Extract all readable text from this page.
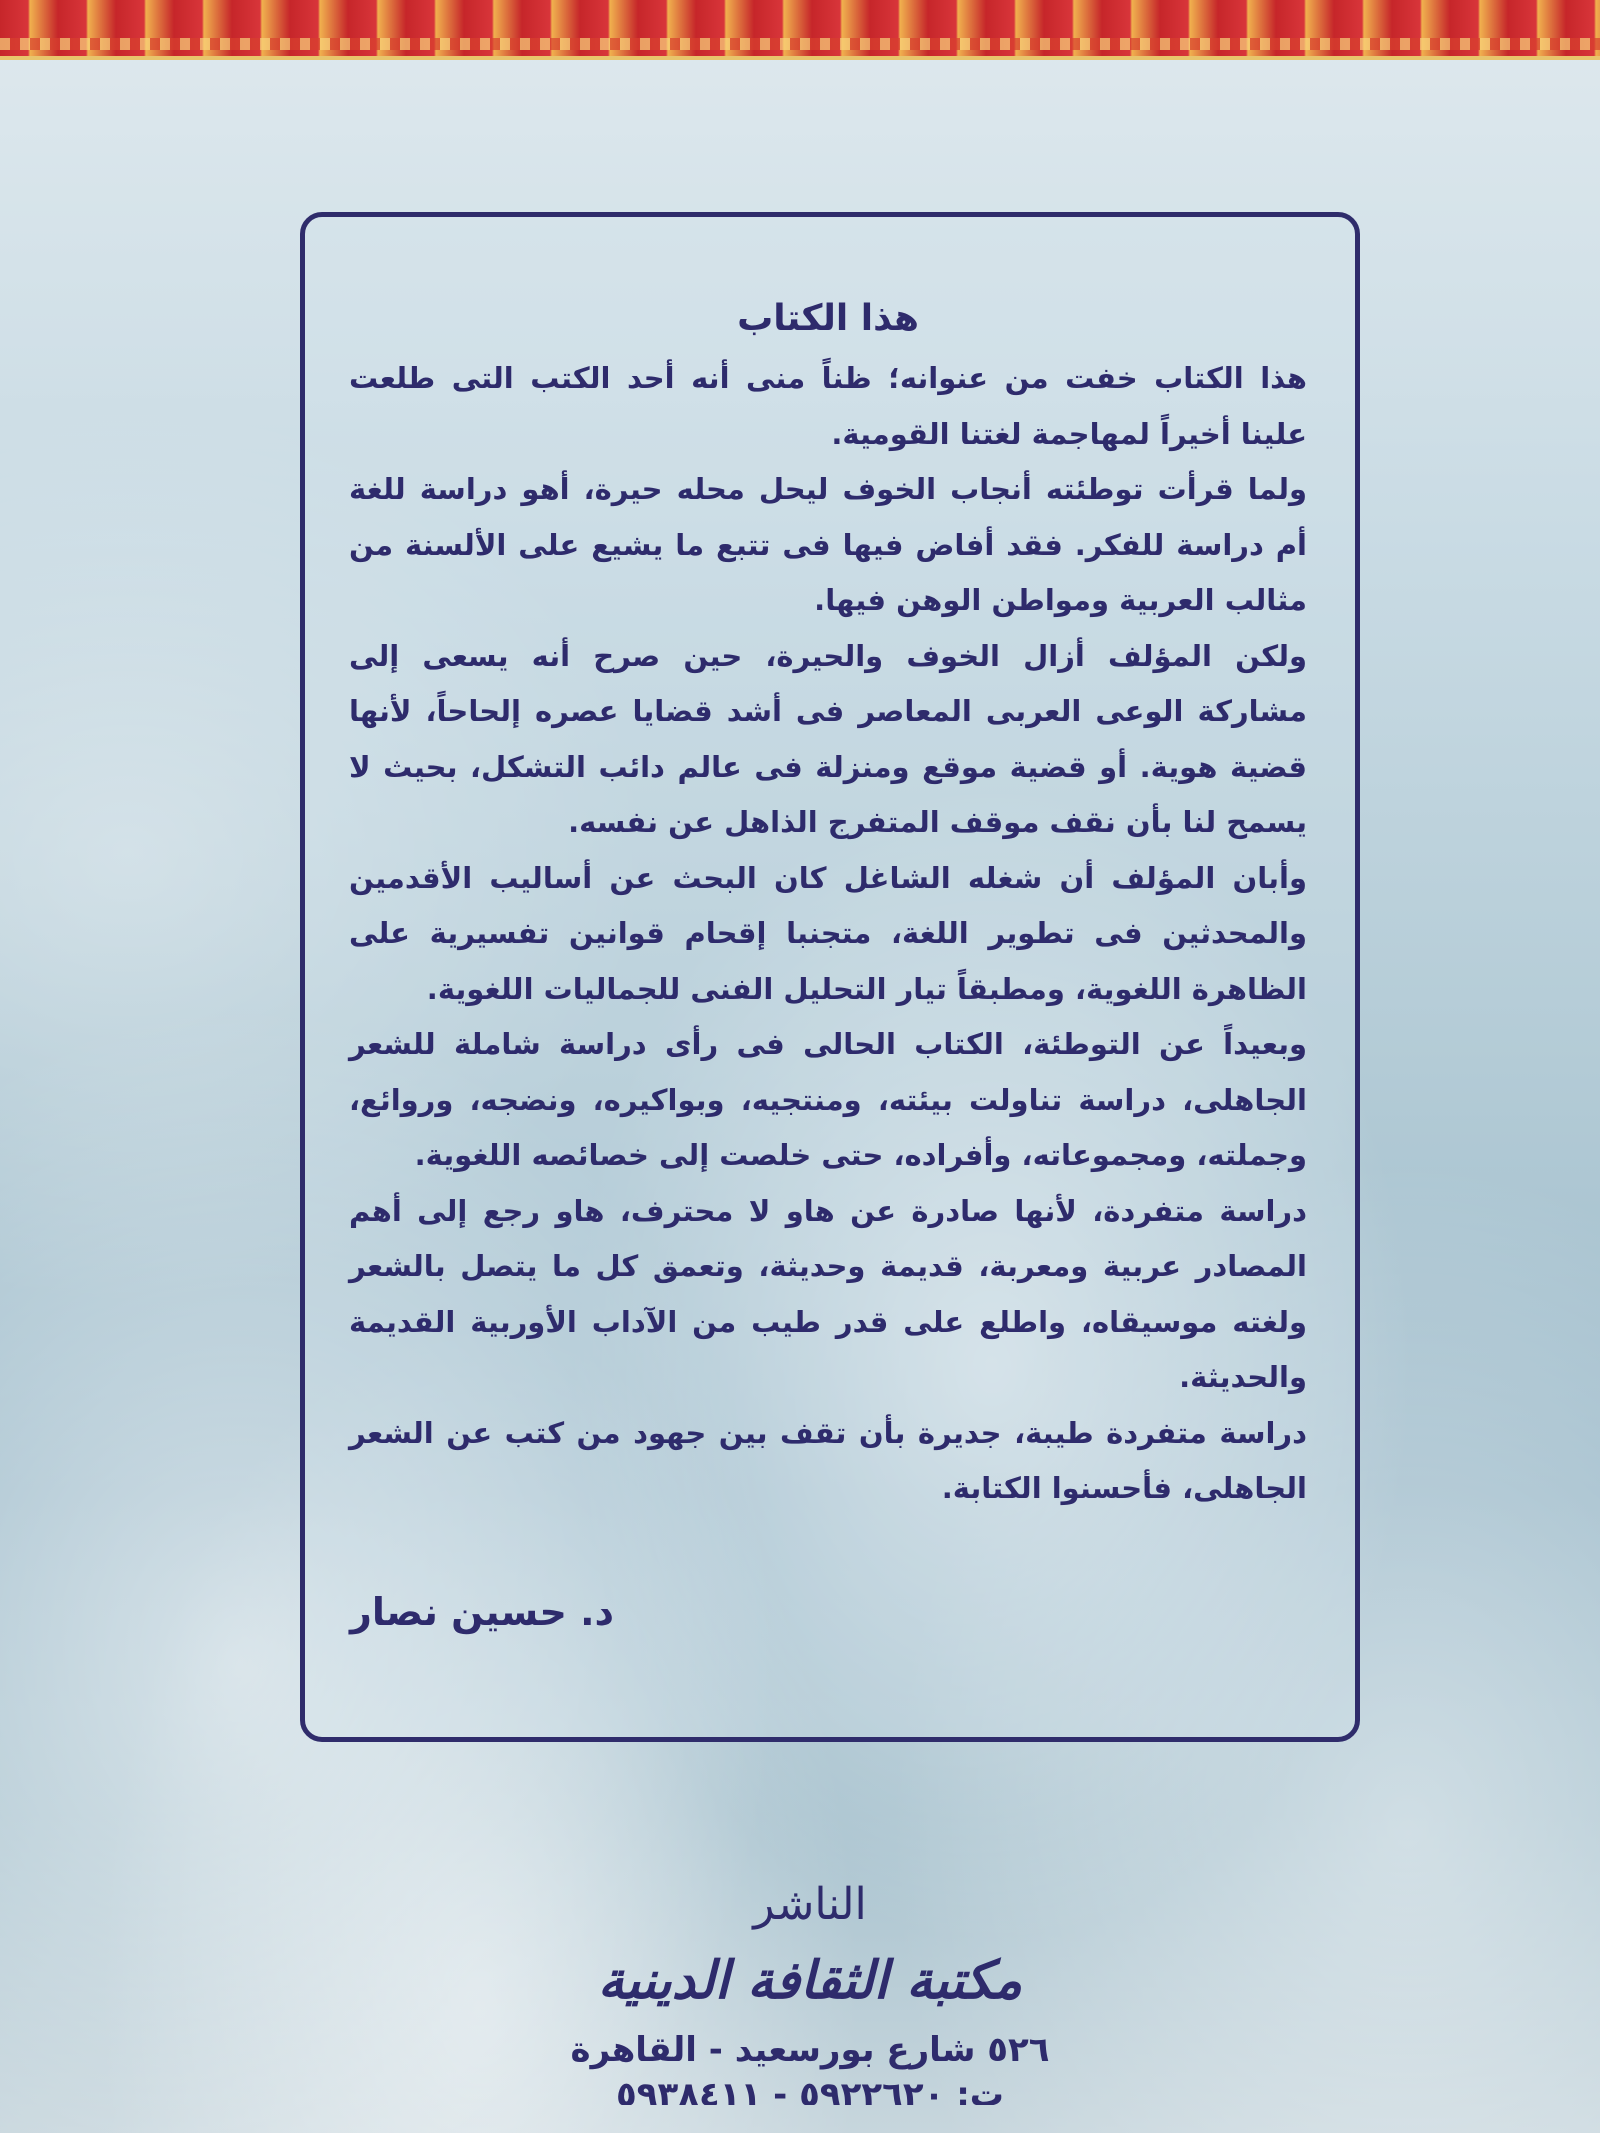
هذا الكتاب

هذا الكتاب خفت من عنوانه؛ ظناً منى أنه أحد الكتب التى طلعت علينا أخيراً لمهاجمة لغتنا القومية.

ولما قرأت توطئته أنجاب الخوف ليحل محله حيرة، أهو دراسة للغة أم دراسة للفكر. فقد أفاض فيها فى تتبع ما يشيع على الألسنة من مثالب العربية ومواطن الوهن فيها.

ولكن المؤلف أزال الخوف والحيرة، حين صرح أنه يسعى إلى مشاركة الوعى العربى المعاصر فى أشد قضايا عصره إلحاحاً، لأنها قضية هوية. أو قضية موقع ومنزلة فى عالم دائب التشكل، بحيث لا يسمح لنا بأن نقف موقف المتفرج الذاهل عن نفسه.

وأبان المؤلف أن شغله الشاغل كان البحث عن أساليب الأقدمين والمحدثين فى تطوير اللغة، متجنبا إقحام قوانين تفسيرية على الظاهرة اللغوية، ومطبقاً تيار التحليل الفنى للجماليات اللغوية.

وبعيداً عن التوطئة، الكتاب الحالى فى رأى دراسة شاملة للشعر الجاهلى، دراسة تناولت بيئته، ومنتجيه، وبواكيره، ونضجه، وروائع، وجملته، ومجموعاته، وأفراده، حتى خلصت إلى خصائصه اللغوية.

دراسة متفردة، لأنها صادرة عن هاو لا محترف، هاو رجع إلى أهم المصادر عربية ومعربة، قديمة وحديثة، وتعمق كل ما يتصل بالشعر ولغته موسيقاه، واطلع على قدر طيب من الآداب الأوربية القديمة والحديثة.

دراسة متفردة طيبة، جديرة بأن تقف بين جهود من كتب عن الشعر الجاهلى، فأحسنوا الكتابة.

د. حسين نصار
الناشر
مكتبة الثقافة الدينية
٥٢٦ شارع بورسعيد - القاهرة
ت: ٥٩٢٢٦٢٠ - ٥٩٣٨٤١١
